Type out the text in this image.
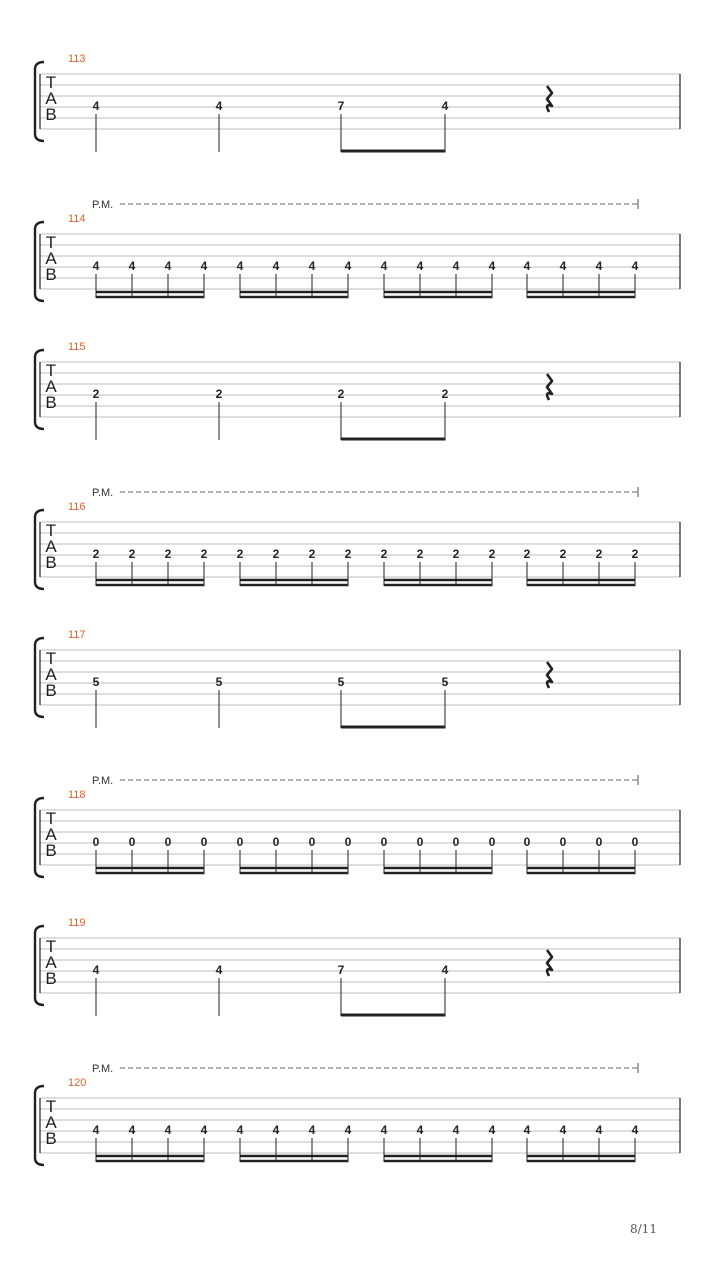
T
A
B
113
4	4	7	4
T
A
B
114
P.M.
4 4 4 4 4 4 4 4 4 4 4 4 4 4 4 4
T
A
B
115
2	2	2	2
T
A
B
116
P.M.
2 2 2 2 2 2 2 2 2 2 2 2 2 2 2 2
T
A
B
117
5	5	5	5
T
A
B
118
P.M.
0 0 0 0 0 0 0 0 0 0 0 0 0 0 0 0
T
A
B
119
4	4	7	4
T
A
B
120
P.M.
4 4 4 4 4 4 4 4 4 4 4 4 4 4 4 4
8/11
